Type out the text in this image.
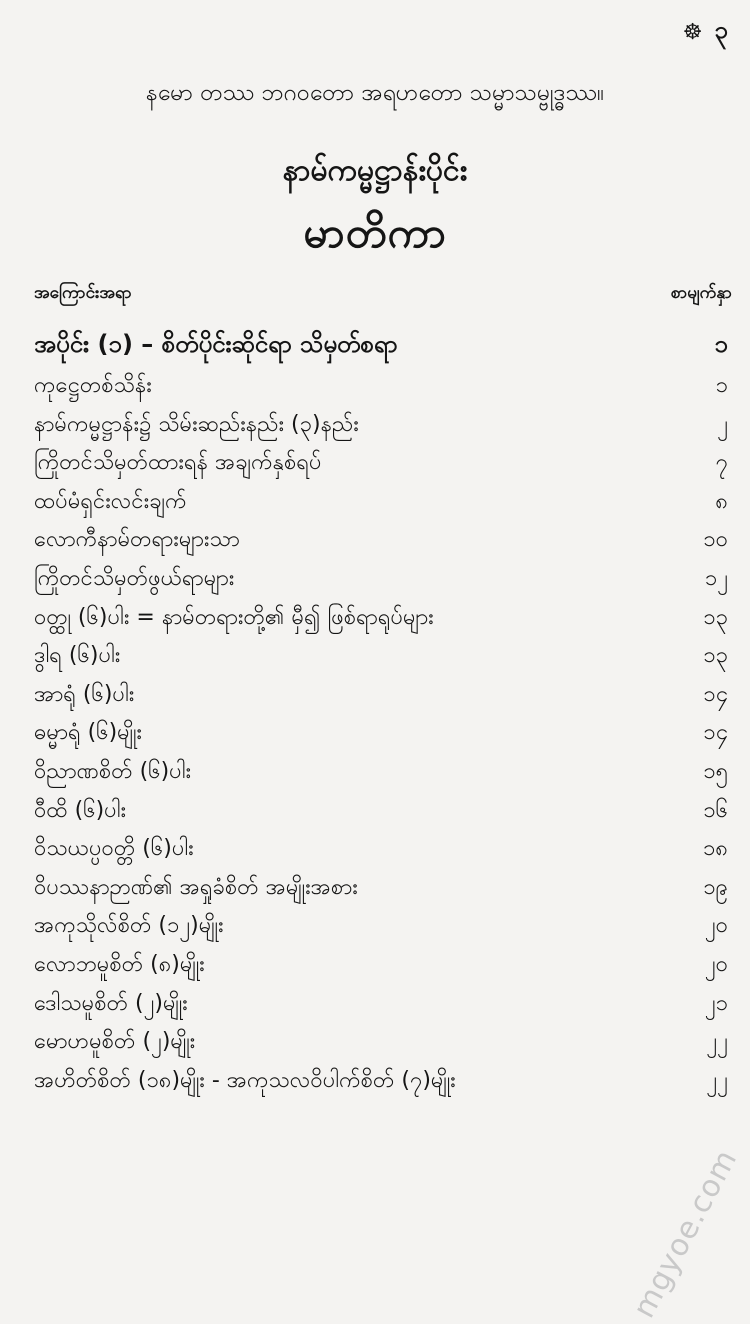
☸ ၃
နမော တဿ ဘဂဝတော အရဟတော သမ္မာသမ္ဗုဒ္ဓဿ။
နာမ်ကမ္မဋ္ဌာန်းပိုင်း
မာတိကာ
အကြောင်းအရာ	စာမျက်နှာ
အပိုင်း (၁) – စိတ်ပိုင်းဆိုင်ရာ သိမှတ်စရာ	၁
ကုဋ္ဌေတစ်သိန်း	၁
နာမ်ကမ္မဋ္ဌာန်း၌ သိမ်းဆည်းနည်း (၃)နည်း	၂
ကြိုတင်သိမှတ်ထားရန် အချက်နှစ်ရပ်	၇
ထပ်မံရှင်းလင်းချက်	၈
လောကီနာမ်တရားများသာ	၁၀
ကြိုတင်သိမှတ်ဖွယ်ရာများ	၁၂
ဝတ္ထု (၆)ပါး = နာမ်တရားတို့၏ မှီ၍ ဖြစ်ရာရုပ်များ	၁၃
ဒွါရ (၆)ပါး	၁၃
အာရုံ (၆)ပါး	၁၄
ဓမ္မာရုံ (၆)မျိုး	၁၄
ဝိညာဏစိတ် (၆)ပါး	၁၅
ဝီထိ (၆)ပါး	၁၆
ဝိသယပ္ပဝတ္တိ (၆)ပါး	၁၈
ဝိပဿနာဉာဏ်၏ အရှုခံစိတ် အမျိုးအစား	၁၉
အကုသိုလ်စိတ် (၁၂)မျိုး	၂၀
လောဘမူစိတ် (၈)မျိုး	၂၀
ဒေါသမူစိတ် (၂)မျိုး	၂၁
မောဟမူစိတ် (၂)မျိုး	၂၂
အဟိတ်စိတ် (၁၈)မျိုး - အကုသလဝိပါက်စိတ် (၇)မျိုး	၂၂
mgyoe.com
